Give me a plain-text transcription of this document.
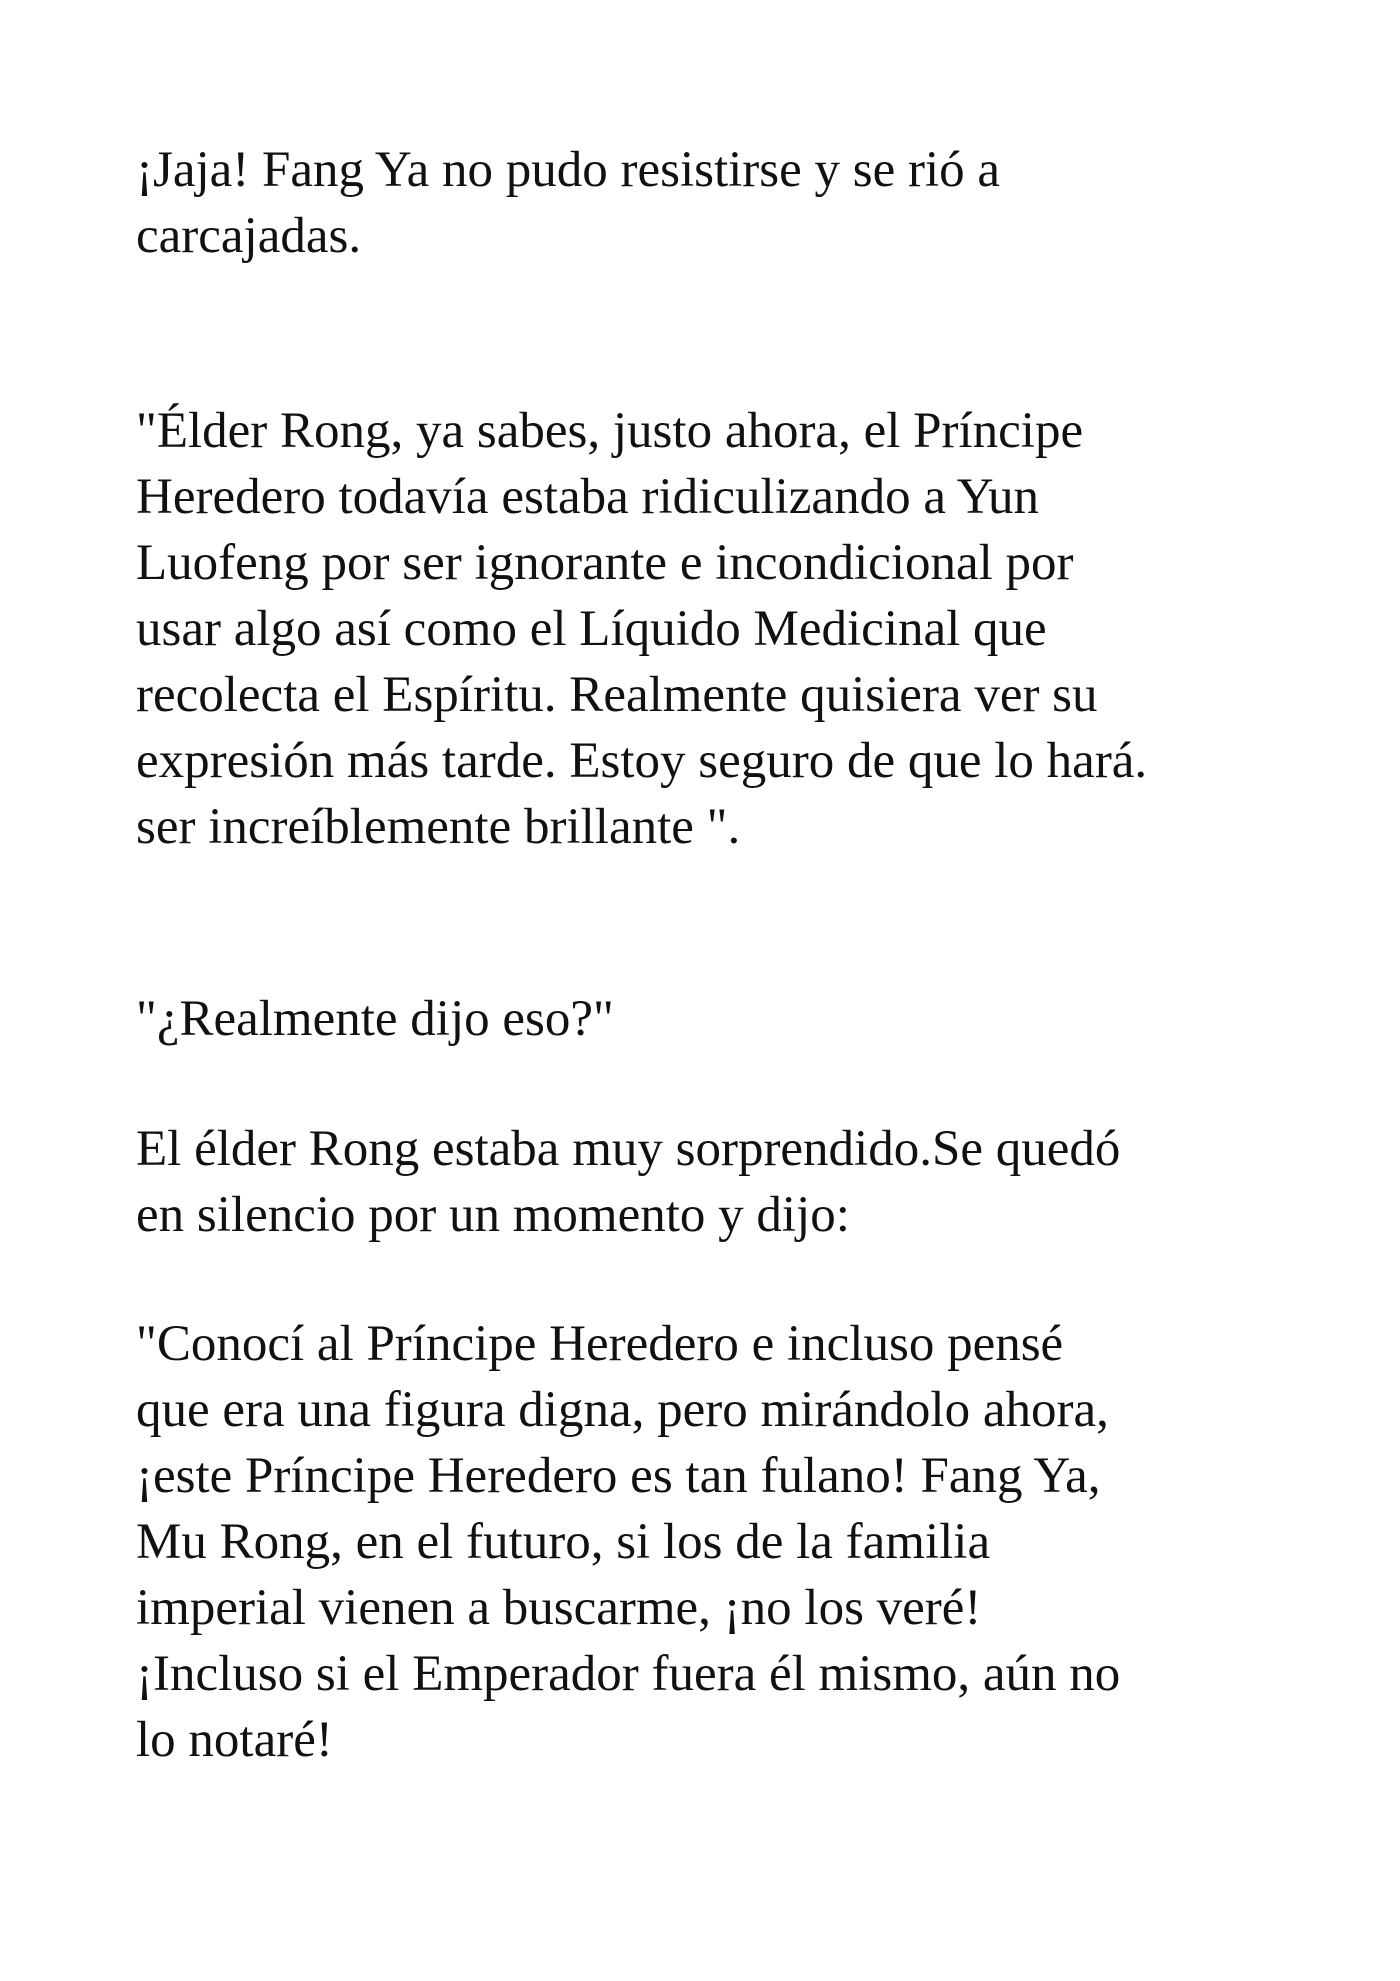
¡Jaja! Fang Ya no pudo resistirse y se rió a
carcajadas.

"Élder Rong, ya sabes, justo ahora, el Príncipe
Heredero todavía estaba ridiculizando a Yun
Luofeng por ser ignorante e incondicional por
usar algo así como el Líquido Medicinal que
recolecta el Espíritu. Realmente quisiera ver su
expresión más tarde. Estoy seguro de que lo hará.
ser increíblemente brillante ".

"¿Realmente dijo eso?"

El élder Rong estaba muy sorprendido.Se quedó
en silencio por un momento y dijo:

"Conocí al Príncipe Heredero e incluso pensé
que era una figura digna, pero mirándolo ahora,
¡este Príncipe Heredero es tan fulano! Fang Ya,
Mu Rong, en el futuro, si los de la familia
imperial vienen a buscarme, ¡no los veré!
¡Incluso si el Emperador fuera él mismo, aún no
lo notaré!
